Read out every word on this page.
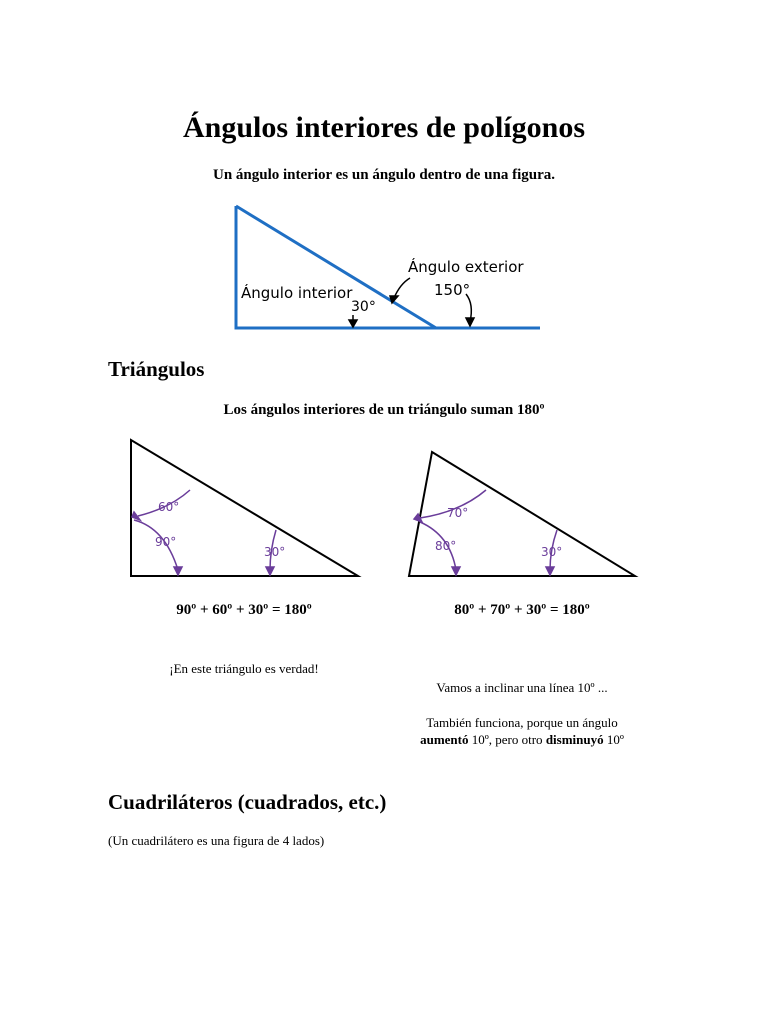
Ángulos interiores de polígonos
Un ángulo interior es un ángulo dentro de una figura.
Ángulo interior
30°
Ángulo exterior
150°
Triángulos
Los ángulos interiores de un triángulo suman 180º
60°
90°
30°
70°
80°	30°
90º + 60º + 30º = 180º	80º + 70º + 30º = 180º
¡En este triángulo es verdad!
Vamos a inclinar una línea 10º ...
También funciona, porque un ángulo
aumentó 10º, pero otro disminuyó 10º
Cuadriláteros (cuadrados, etc.)
(Un cuadrilátero es una figura de 4 lados)
